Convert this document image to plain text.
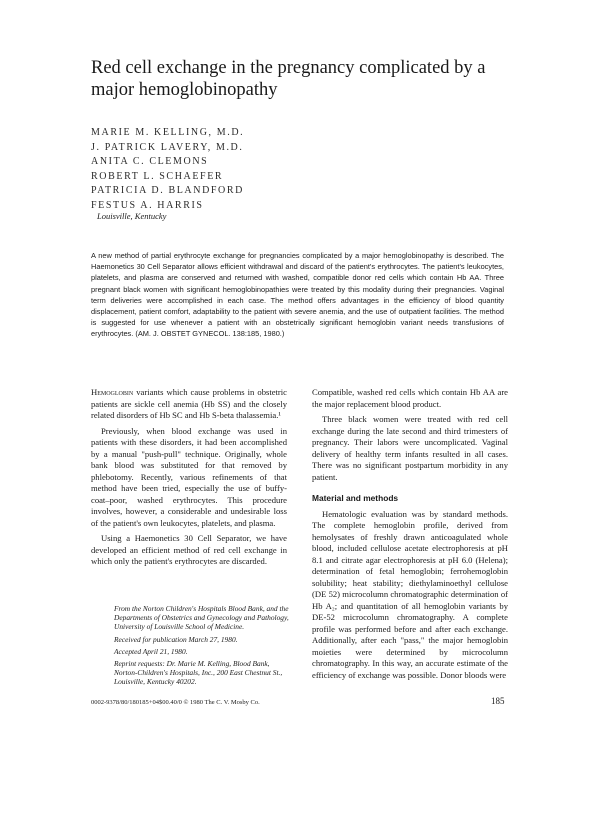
Red cell exchange in the pregnancy complicated by a major hemoglobinopathy
MARIE M. KELLING, M.D.
J. PATRICK LAVERY, M.D.
ANITA C. CLEMONS
ROBERT L. SCHAEFER
PATRICIA D. BLANDFORD
FESTUS A. HARRIS
Louisville, Kentucky
A new method of partial erythrocyte exchange for pregnancies complicated by a major hemoglobinopathy is described. The Haemonetics 30 Cell Separator allows efficient withdrawal and discard of the patient's erythrocytes. The patient's leukocytes, platelets, and plasma are conserved and returned with washed, compatible donor red cells which contain Hb AA. Three pregnant black women with significant hemoglobinopathies were treated by this modality during their pregnancies. Vaginal term deliveries were accomplished in each case. The method offers advantages in the efficiency of blood quantity displacement, patient comfort, adaptability to the patient with severe anemia, and the use of outpatient facilities. The method is suggested for use whenever a patient with an obstetrically significant hemoglobin variant needs transfusions of erythrocytes. (AM. J. OBSTET GYNECOL. 138:185, 1980.)

Hemoglobin variants which cause problems in obstetric patients are sickle cell anemia (Hb SS) and the closely related disorders of Hb SC and Hb S-beta thalassemia.¹

Previously, when blood exchange was used in patients with these disorders, it had been accomplished by a manual "push-pull" technique. Originally, whole bank blood was substituted for that removed by phlebotomy. Recently, various refinements of that method have been tried, especially the use of buffy-coat–poor, washed erythrocytes. This procedure involves, however, a considerable and undesirable loss of the patient's own leukocytes, platelets, and plasma.

Using a Haemonetics 30 Cell Separator, we have developed an efficient method of red cell exchange in which only the patient's erythrocytes are discarded.

From the Norton Children's Hospitals Blood Bank, and the Departments of Obstetrics and Gynecology and Pathology, University of Louisville School of Medicine.

Received for publication March 27, 1980.

Accepted April 21, 1980.

Reprint requests: Dr. Marie M. Kelling, Blood Bank, Norton-Children's Hospitals, Inc., 200 East Chestnut St., Louisville, Kentucky 40202.

0002-9378/80/180185+04$00.40/0 © 1980 The C. V. Mosby Co.

Compatible, washed red cells which contain Hb AA are the major replacement blood product.

Three black women were treated with red cell exchange during the late second and third trimesters of pregnancy. Their labors were uncomplicated. Vaginal delivery of healthy term infants resulted in all cases. There was no significant postpartum morbidity in any patient.

Material and methods

Hematologic evaluation was by standard methods. The complete hemoglobin profile, derived from hemolysates of freshly drawn anticoagulated whole blood, included cellulose acetate electrophoresis at pH 8.1 and citrate agar electrophoresis at pH 6.0 (Helena); determination of fetal hemoglobin; ferrohemoglobin solubility; heat stability; diethylaminoethyl cellulose (DE 52) microcolumn chromatographic determination of Hb A₂; and quantitation of all hemoglobin variants by DE-52 microcolumn chromatography. A complete profile was performed before and after each exchange. Additionally, after each "pass," the major hemoglobin moieties were determined by microcolumn chromatography. In this way, an accurate estimate of the efficiency of exchange was possible. Donor bloods were

185
